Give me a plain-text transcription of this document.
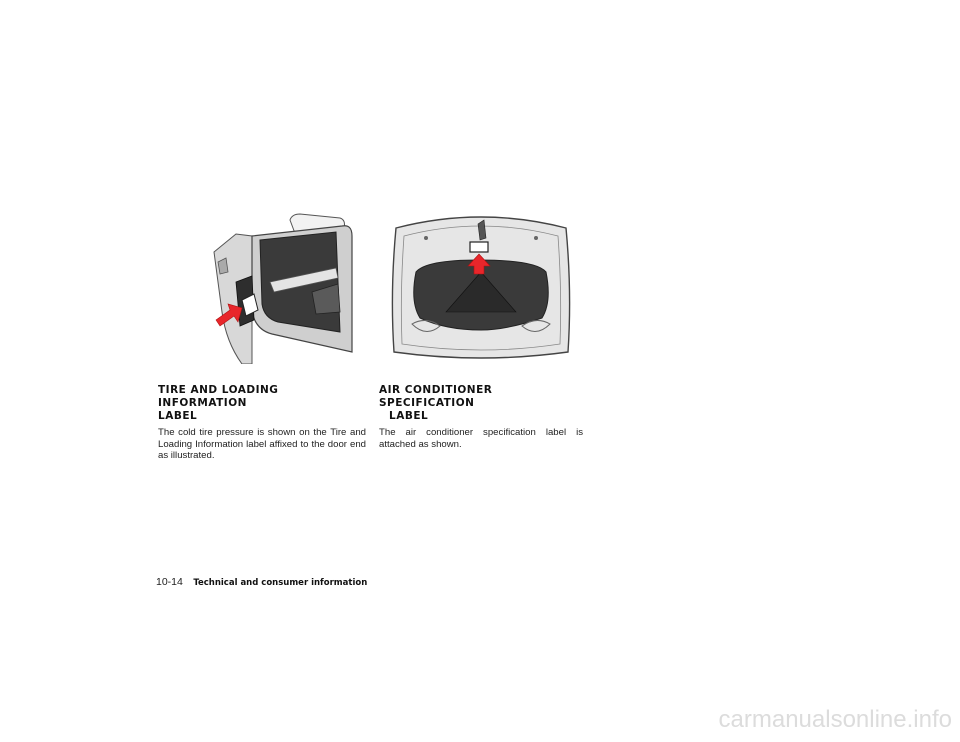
TIRE AND LOADING INFORMATION
LABEL

The cold tire pressure is shown on the Tire and Loading Information label affixed to the door end as illustrated.

AIR CONDITIONER SPECIFICATION
LABEL

The air conditioner specification label is attached as shown.

10-14 Technical and consumer information
carmanualsonline.info
